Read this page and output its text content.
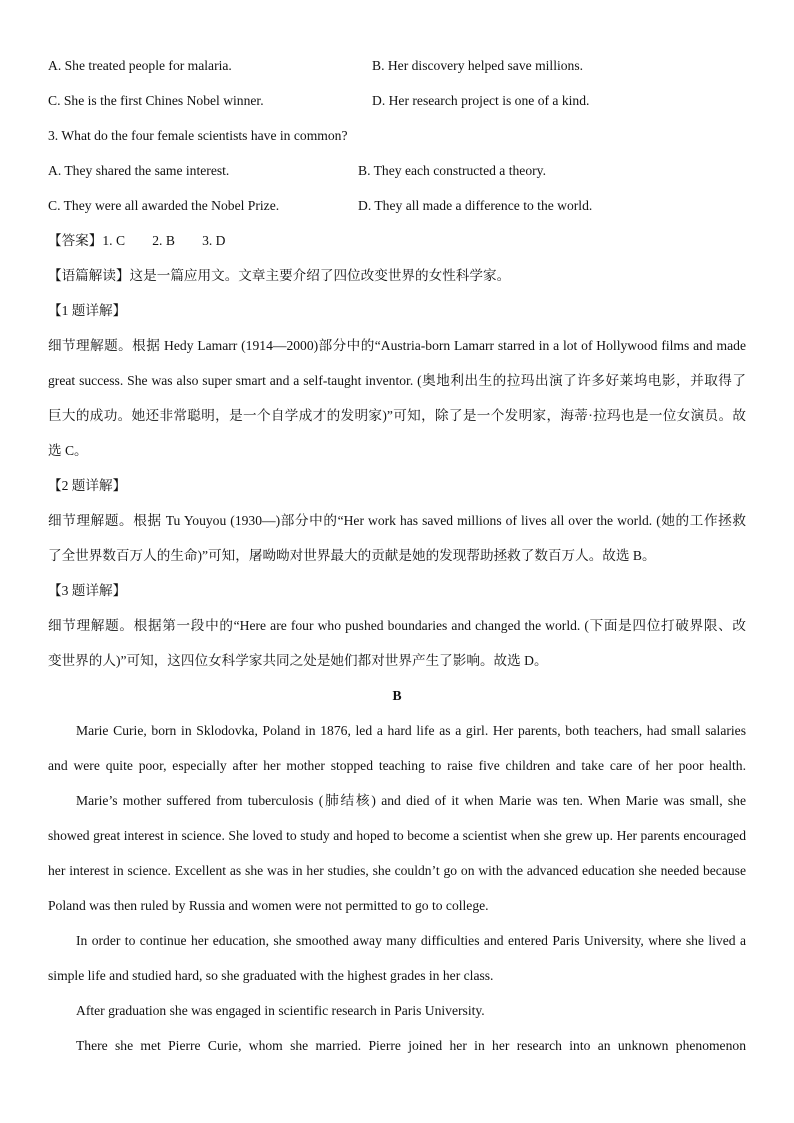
A. She treated people for malaria.	B. Her discovery helped save millions.
C. She is the first Chines Nobel winner.	D. Her research project is one of a kind.
3. What do the four female scientists have in common?
A. They shared the same interest.	B. They each constructed a theory.
C. They were all awarded the Nobel Prize.	D. They all made a difference to the world.
【答案】1. C　　2. B　　3. D
【语篇解读】这是一篇应用文。文章主要介绍了四位改变世界的女性科学家。
【1 题详解】
细节理解题。根据 Hedy Lamarr (1914—2000)部分中的“Austria-born Lamarr starred in a lot of Hollywood films and made
great success. She was also super smart and a self-taught inventor. (奥地利出生的拉玛出演了许多好莱坞电影，并取得了
巨大的成功。她还非常聪明，是一个自学成才的发明家)”可知，除了是一个发明家，海蒂·拉玛也是一位女演员。故
选 C。
【2 题详解】
细节理解题。根据 Tu Youyou (1930—)部分中的“Her work has saved millions of lives all over the world. (她的工作拯救
了全世界数百万人的生命)”可知，屠呦呦对世界最大的贡献是她的发现帮助拯救了数百万人。故选 B。
【3 题详解】
细节理解题。根据第一段中的“Here are four who pushed boundaries and changed the world. (下面是四位打破界限、改
变世界的人)”可知，这四位女科学家共同之处是她们都对世界产生了影响。故选 D。
B
Marie Curie, born in Sklodovka, Poland in 1876, led a hard life as a girl. Her parents, both teachers, had small salaries
and were quite poor, especially after her mother stopped teaching to raise five children and take care of her poor health.
Marie’s mother suffered from tuberculosis (肺结核) and died of it when Marie was ten. When Marie was small, she
showed great interest in science. She loved to study and hoped to become a scientist when she grew up. Her parents encouraged
her interest in science. Excellent as she was in her studies, she couldn’t go on with the advanced education she needed because
Poland was then ruled by Russia and women were not permitted to go to college.
In order to continue her education, she smoothed away many difficulties and entered Paris University, where she lived a
simple life and studied hard, so she graduated with the highest grades in her class.
After graduation she was engaged in scientific research in Paris University.
There she met Pierre Curie, whom she married. Pierre joined her in her research into an unknown phenomenon
